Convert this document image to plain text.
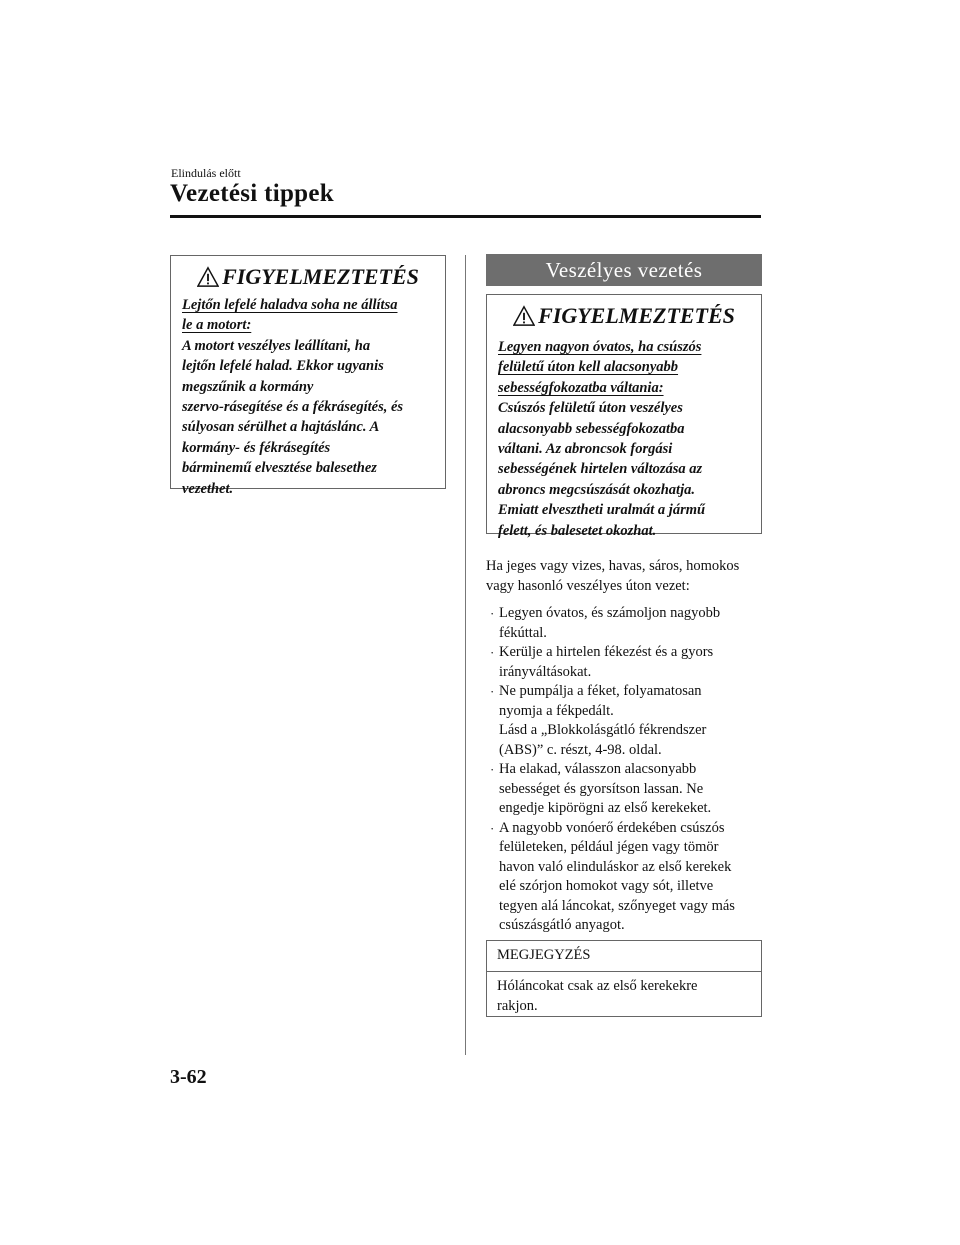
Elindulás előtt
Vezetési tippek
FIGYELMEZTETÉS
Lejtőn lefelé haladva soha ne állítsa
le a motort:
A motort veszélyes leállítani, ha
lejtőn lefelé halad. Ekkor ugyanis
megszűnik a kormány
szervo-rásegítése és a fékrásegítés, és
súlyosan sérülhet a hajtáslánc. A
kormány- és fékrásegítés
bárminemű elvesztése balesethez
vezethet.
Veszélyes vezetés
FIGYELMEZTETÉS
Legyen nagyon óvatos, ha csúszós
felületű úton kell alacsonyabb
sebességfokozatba váltania:
Csúszós felületű úton veszélyes
alacsonyabb sebességfokozatba
váltani. Az abroncsok forgási
sebességének hirtelen változása az
abroncs megcsúszását okozhatja.
Emiatt elvesztheti uralmát a jármű
felett, és balesetet okozhat.
Ha jeges vagy vizes, havas, sáros, homokos
vagy hasonló veszélyes úton vezet:
· Legyen óvatos, és számoljon nagyobb
fékúttal.
· Kerülje a hirtelen fékezést és a gyors
irányváltásokat.
· Ne pumpálja a féket, folyamatosan
nyomja a fékpedált.
Lásd a „Blokkolásgátló fékrendszer
(ABS)” c. részt, 4-98. oldal.
· Ha elakad, válasszon alacsonyabb
sebességet és gyorsítson lassan. Ne
engedje kipörögni az első kerekeket.
· A nagyobb vonóerő érdekében csúszós
felületeken, például jégen vagy tömör
havon való elinduláskor az első kerekek
elé szórjon homokot vagy sót, illetve
tegyen alá láncokat, szőnyeget vagy más
csúszásgátló anyagot.
MEGJEGYZÉS
Hóláncokat csak az első kerekekre
rakjon.
3-62
